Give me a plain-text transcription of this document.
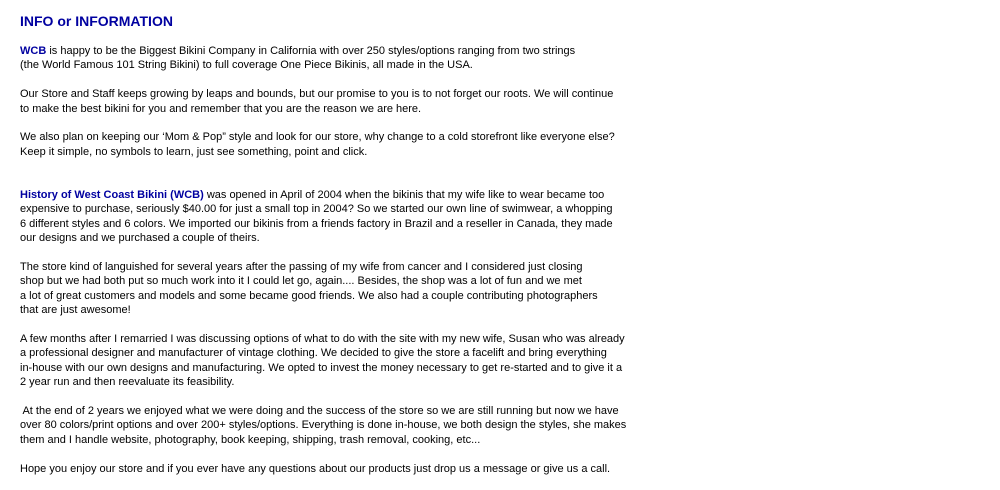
INFO or INFORMATION

WCB is happy to be the Biggest Bikini Company in California with over 250 styles/options ranging from two strings
(the World Famous 101 String Bikini) to full coverage One Piece Bikinis, all made in the USA.

Our Store and Staff keeps growing by leaps and bounds, but our promise to you is to not forget our roots. We will continue
to make the best bikini for you and remember that you are the reason we are here.

We also plan on keeping our ‘Mom & Pop” style and look for our store, why change to a cold storefront like everyone else?
Keep it simple, no symbols to learn, just see something, point and click.

History of West Coast Bikini (WCB) was opened in April of 2004 when the bikinis that my wife like to wear became too
expensive to purchase, seriously $40.00 for just a small top in 2004? So we started our own line of swimwear, a whopping
6 different styles and 6 colors. We imported our bikinis from a friends factory in Brazil and a reseller in Canada, they made
our designs and we purchased a couple of theirs.

The store kind of languished for several years after the passing of my wife from cancer and I considered just closing
shop but we had both put so much work into it I could let go, again.... Besides, the shop was a lot of fun and we met
a lot of great customers and models and some became good friends. We also had a couple contributing photographers
that are just awesome!

A few months after I remarried I was discussing options of what to do with the site with my new wife, Susan who was already
a professional designer and manufacturer of vintage clothing. We decided to give the store a facelift and bring everything
in-house with our own designs and manufacturing. We opted to invest the money necessary to get re-started and to give it a
2 year run and then reevaluate its feasibility.

At the end of 2 years we enjoyed what we were doing and the success of the store so we are still running but now we have
over 80 colors/print options and over 200+ styles/options. Everything is done in-house, we both design the styles, she makes
them and I handle website, photography, book keeping, shipping, trash removal, cooking, etc...

Hope you enjoy our store and if you ever have any questions about our products just drop us a message or give us a call.
